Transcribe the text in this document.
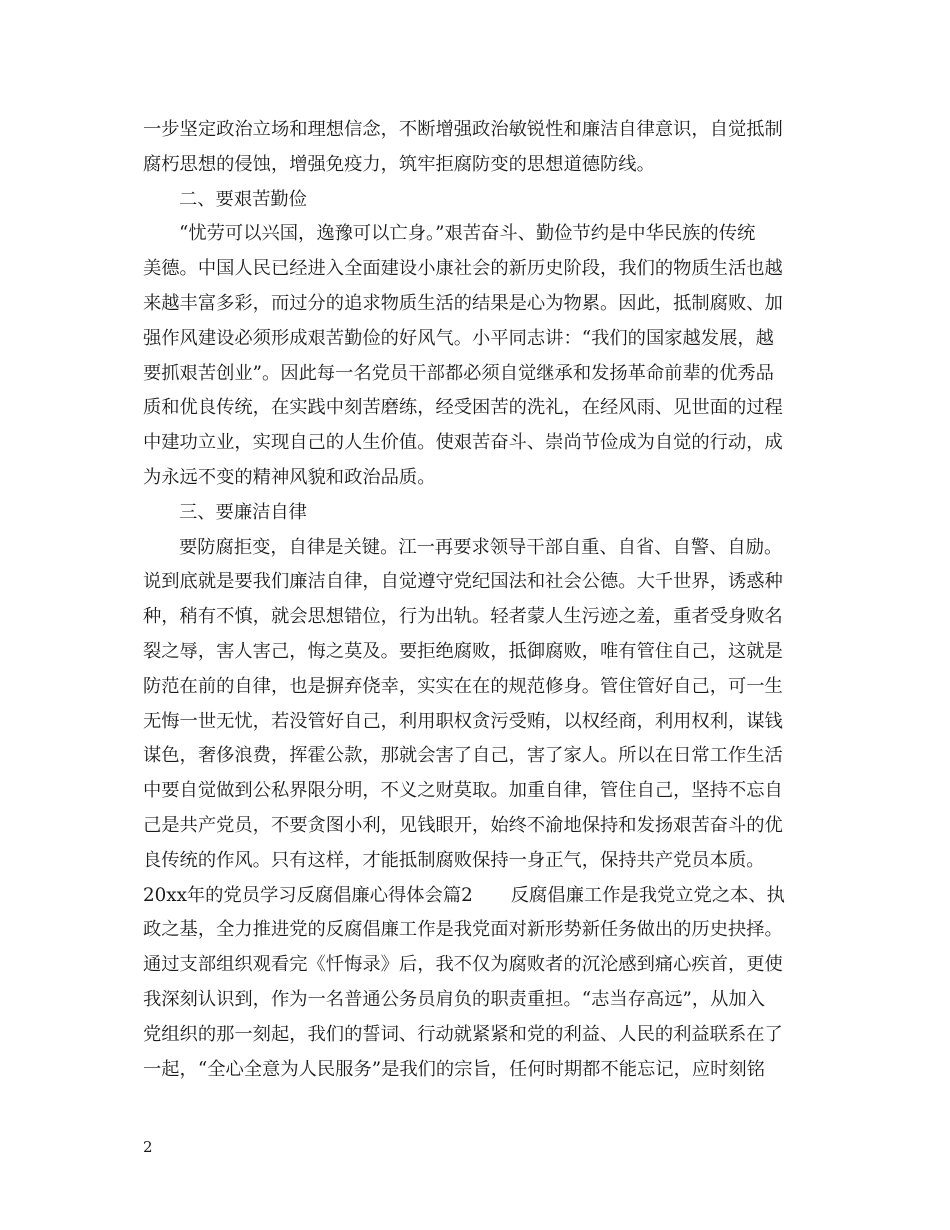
一步坚定政治立场和理想信念，不断增强政治敏锐性和廉洁自律意识，自觉抵制
腐朽思想的侵蚀，增强免疫力，筑牢拒腐防变的思想道德防线。
二、要艰苦勤俭
“忧劳可以兴国，逸豫可以亡身。”艰苦奋斗、勤俭节约是中华民族的传统
美德。中国人民已经进入全面建设小康社会的新历史阶段，我们的物质生活也越
来越丰富多彩，而过分的追求物质生活的结果是心为物累。因此，抵制腐败、加
强作风建设必须形成艰苦勤俭的好风气。小平同志讲：“我们的国家越发展，越
要抓艰苦创业”。因此每一名党员干部都必须自觉继承和发扬革命前辈的优秀品
质和优良传统，在实践中刻苦磨练，经受困苦的洗礼，在经风雨、见世面的过程
中建功立业，实现自己的人生价值。使艰苦奋斗、崇尚节俭成为自觉的行动，成
为永远不变的精神风貌和政治品质。
三、要廉洁自律
要防腐拒变，自律是关键。江一再要求领导干部自重、自省、自警、自励。
说到底就是要我们廉洁自律，自觉遵守党纪国法和社会公德。大千世界，诱惑种
种，稍有不慎，就会思想错位，行为出轨。轻者蒙人生污迹之羞，重者受身败名
裂之辱，害人害己，悔之莫及。要拒绝腐败，抵御腐败，唯有管住自己，这就是
防范在前的自律，也是摒弃侥幸，实实在在的规范修身。管住管好自己，可一生
无悔一世无忧，若没管好自己，利用职权贪污受贿，以权经商，利用权利，谋钱
谋色，奢侈浪费，挥霍公款，那就会害了自己，害了家人。所以在日常工作生活
中要自觉做到公私界限分明，不义之财莫取。加重自律，管住自己，坚持不忘自
己是共产党员，不要贪图小利，见钱眼开，始终不渝地保持和发扬艰苦奋斗的优
良传统的作风。只有这样，才能抵制腐败保持一身正气，保持共产党员本质。
20xx年的党员学习反腐倡廉心得体会篇2 反腐倡廉工作是我党立党之本、执
政之基，全力推进党的反腐倡廉工作是我党面对新形势新任务做出的历史抉择。
通过支部组织观看完《忏悔录》后，我不仅为腐败者的沉沦感到痛心疾首，更使
我深刻认识到，作为一名普通公务员肩负的职责重担。“志当存高远”，从加入
党组织的那一刻起，我们的誓词、行动就紧紧和党的利益、人民的利益联系在了
一起，“全心全意为人民服务”是我们的宗旨，任何时期都不能忘记，应时刻铭
2
